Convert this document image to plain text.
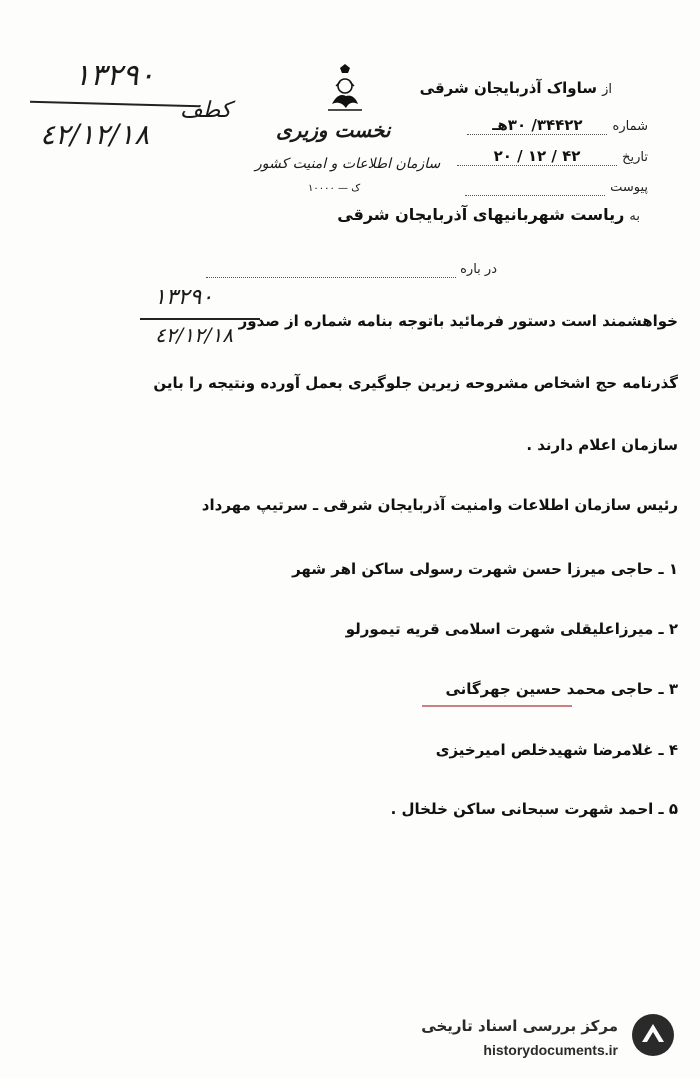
١٣٢٩٠
٤٢/١٢/١٨
کطف
نخست وزیری
سازمان اطلاعات و امنیت کشور
۱۰۰۰۰ — ک
از ساواک آذربایجان شرقی
شماره ۳۴۴۲۲/ ۳۰هـ
تاریخ ۴۲ / ۱۲ / ۲۰
پیوست
به ریاست شهربانیهای آذربایجان شرقی
در باره
١٣٢٩٠
٤٢/١٢/١٨
خواهشمند است دستور فرمائید باتوجه بنامه شماره از صدور
گذرنامه حج اشخاص مشروحه زیرین جلوگیری بعمل آورده ونتیجه را باین
سازمان اعلام دارند .
رئیس سازمان اطلاعات وامنیت آذربایجان شرقی ـ سرتیپ مهرداد
۱ ـ حاجی میرزا حسن شهرت رسولی ساکن اهر شهر
۲ ـ میرزاعلیقلی شهرت اسلامی قریه تیمورلو
۳ ـ حاجی محمد حسین جهرگانی
۴ ـ غلامرضا شهیدخلص امیرخیزی
۵ ـ احمد شهرت سبحانی ساکن خلخال .
مرکز بررسی اسناد تاریخی
historydocuments.ir
